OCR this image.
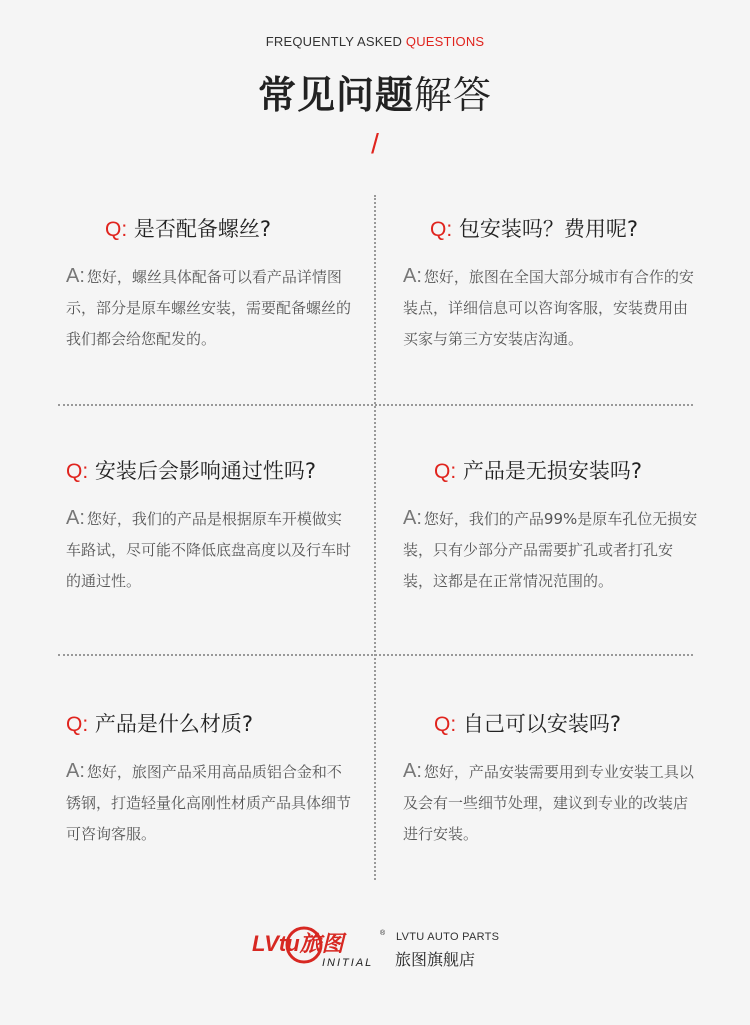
FREQUENTLY ASKED QUESTIONS
常见问题解答
/
Q: 是否配备螺丝?
A: 您好，螺丝具体配备可以看产品详情图示，部分是原车螺丝安装，需要配备螺丝的我们都会给您配发的。
Q: 包安装吗？费用呢?
A: 您好，旅图在全国大部分城市有合作的安装点，详细信息可以咨询客服，安装费用由买家与第三方安装店沟通。
Q: 安装后会影响通过性吗?
A: 您好，我们的产品是根据原车开模做实车路试，尽可能不降低底盘高度以及行车时的通过性。
Q: 产品是无损安装吗?
A: 您好，我们的产品99%是原车孔位无损安装，只有少部分产品需要扩孔或者打孔安装，这都是在正常情况范围的。
Q: 产品是什么材质?
A: 您好，旅图产品采用高品质铝合金和不锈钢，打造轻量化高刚性材质产品具体细节可咨询客服。
Q: 自己可以安装吗?
A: 您好，产品安装需要用到专业安装工具以及会有一些细节处理，建议到专业的改装店进行安装。
LVtu旅图
INITIAL
® LVTU AUTO PARTS
旅图旗舰店
